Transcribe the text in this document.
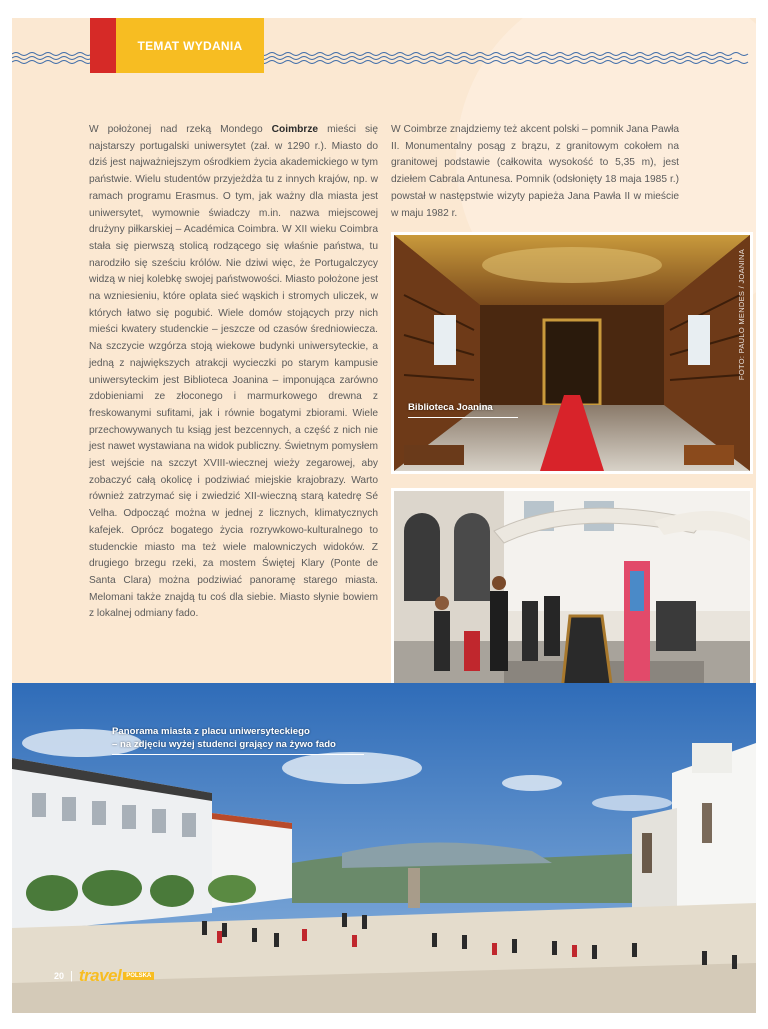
TEMAT WYDANIA

W położonej nad rzeką Mondego Coimbrze mieści się najstarszy portugalski uniwersytet (zał. w 1290 r.). Miasto do dziś jest najważniejszym ośrodkiem życia akademickiego w tym państwie. Wielu studentów przyjeżdża tu z innych krajów, np. w ramach programu Erasmus. O tym, jak ważny dla miasta jest uniwersytet, wymownie świadczy m.in. nazwa miejscowej drużyny piłkarskiej – Académica Coimbra. W XII wieku Coimbra stała się pierwszą stolicą rodzącego się właśnie państwa, tu narodziło się sześciu królów. Nie dziwi więc, że Portugalczycy widzą w niej kolebkę swojej państwowości. Miasto położone jest na wzniesieniu, które oplata sieć wąskich i stromych uliczek, w których łatwo się pogubić. Wiele domów stojących przy nich mieści kwatery studenckie – jeszcze od czasów średniowiecza. Na szczycie wzgórza stoją wiekowe budynki uniwersyteckie, a jedną z największych atrakcji wycieczki po starym kampusie uniwersyteckim jest Biblioteca Joanina – imponująca zarówno zdobieniami ze złoconego i marmurkowego drewna z freskowanymi sufitami, jak i równie bogatymi zbiorami. Wiele przechowywanych tu ksiąg jest bezcennych, a część z nich nie jest nawet wystawiana na widok publiczny. Świetnym pomysłem jest wejście na szczyt XVIII-wiecznej wieży zegarowej, aby zobaczyć całą okolicę i podziwiać miejskie krajobrazy. Warto również zatrzymać się i zwiedzić XII-wieczną starą katedrę Sé Velha. Odpocząć można w jednej z licznych, klimatycznych kafejek. Oprócz bogatego życia rozrywkowo-kulturalnego to studenckie miasto ma też wiele malowniczych widoków. Z drugiego brzegu rzeki, za mostem Świętej Klary (Ponte de Santa Clara) można podziwiać panoramę starego miasta. Melomani także znajdą tu coś dla siebie. Miasto słynie bowiem z lokalnej odmiany fado.

W Coimbrze znajdziemy też akcent polski – pomnik Jana Pawła II. Monumentalny posąg z brązu, z granitowym cokołem na granitowej podstawie (całkowita wysokość to 5,35 m), jest dziełem Cabrala Antunesa. Pomnik (odsłonięty 18 maja 1985 r.) powstał w następstwie wizyty papieża Jana Pawła II w mieście w maju 1982 r.

Biblioteca Joanina
FOTO: PAULO MENDES / JOANINA
Panorama miasta z placu uniwersyteckiego
– na zdjęciu wyżej studenci grający na żywo fado
20 | travel POLSKA
